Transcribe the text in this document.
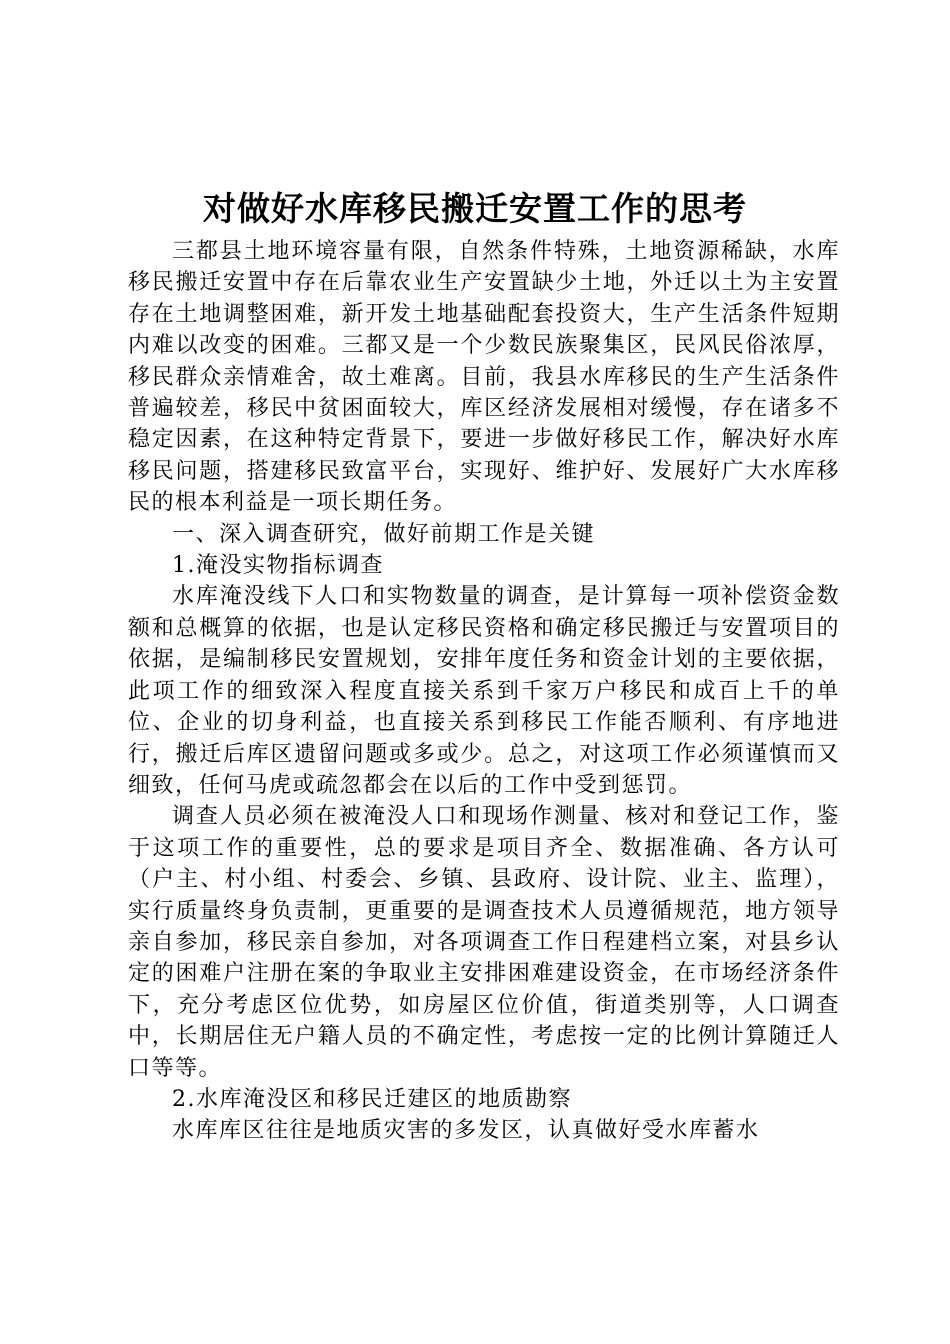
对做好水库移民搬迁安置工作的思考

三都县土地环境容量有限，自然条件特殊，土地资源稀缺，水库移民搬迁安置中存在后靠农业生产安置缺少土地，外迁以土为主安置存在土地调整困难，新开发土地基础配套投资大，生产生活条件短期内难以改变的困难。三都又是一个少数民族聚集区，民风民俗浓厚，移民群众亲情难舍，故土难离。目前，我县水库移民的生产生活条件普遍较差，移民中贫困面较大，库区经济发展相对缓慢，存在诸多不稳定因素，在这种特定背景下，要进一步做好移民工作，解决好水库移民问题，搭建移民致富平台，实现好、维护好、发展好广大水库移民的根本利益是一项长期任务。

一、深入调查研究，做好前期工作是关键

1.淹没实物指标调查

水库淹没线下人口和实物数量的调查，是计算每一项补偿资金数额和总概算的依据，也是认定移民资格和确定移民搬迁与安置项目的依据，是编制移民安置规划，安排年度任务和资金计划的主要依据，此项工作的细致深入程度直接关系到千家万户移民和成百上千的单位、企业的切身利益，也直接关系到移民工作能否顺利、有序地进行，搬迁后库区遗留问题或多或少。总之，对这项工作必须谨慎而又细致，任何马虎或疏忽都会在以后的工作中受到惩罚。

调查人员必须在被淹没人口和现场作测量、核对和登记工作，鉴于这项工作的重要性，总的要求是项目齐全、数据准确、各方认可（户主、村小组、村委会、乡镇、县政府、设计院、业主、监理），实行质量终身负责制，更重要的是调查技术人员遵循规范，地方领导亲自参加，移民亲自参加，对各项调查工作日程建档立案，对县乡认定的困难户注册在案的争取业主安排困难建设资金，在市场经济条件下，充分考虑区位优势，如房屋区位价值，街道类别等，人口调查中，长期居住无户籍人员的不确定性，考虑按一定的比例计算随迁人口等等。

2.水库淹没区和移民迁建区的地质勘察

水库库区往往是地质灾害的多发区，认真做好受水库蓄水
